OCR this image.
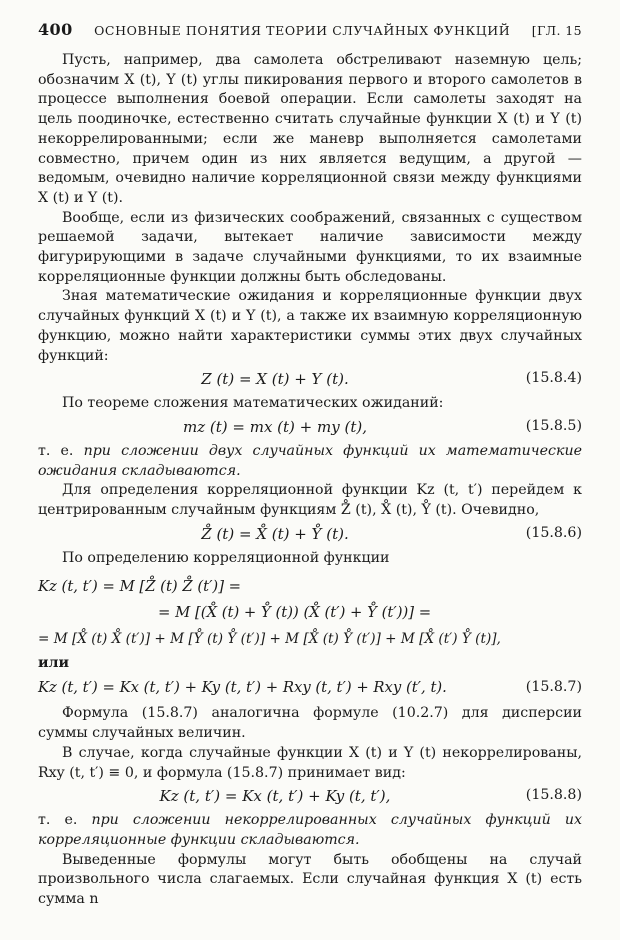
400 ОСНОВНЫЕ ПОНЯТИЯ ТЕОРИИ СЛУЧАЙНЫХ ФУНКЦИЙ [ГЛ. 15

Пусть, например, два самолета обстреливают наземную цель; обозначим X (t), Y (t) углы пикирования первого и второго самолетов в процессе выполнения боевой операции. Если самолеты заходят на цель поодиночке, естественно считать случайные функции X (t) и Y (t) некоррелированными; если же маневр выполняется самолетами совместно, причем один из них является ведущим, а другой — ведомым, очевидно наличие корреляционной связи между функциями X (t) и Y (t).

Вообще, если из физических соображений, связанных с существом решаемой задачи, вытекает наличие зависимости между фигурирующими в задаче случайными функциями, то их взаимные корреляционные функции должны быть обследованы.

Зная математические ожидания и корреляционные функции двух случайных функций X (t) и Y (t), а также их взаимную корреляционную функцию, можно найти характеристики суммы этих двух случайных функций:

Z (t) = X (t) + Y (t).	(15.8.4)

По теореме сложения математических ожиданий:

mz (t) = mx (t) + my (t),	(15.8.5)

т. е. при сложении двух случайных функций их математические ожидания складываются.

Для определения корреляционной функции Kz (t, t′) перейдем к центрированным случайным функциям Z̊ (t), X̊ (t), Y̊ (t). Очевидно,

Z̊ (t) = X̊ (t) + Y̊ (t).	(15.8.6)

По определению корреляционной функции

Kz (t, t′) = M [Z̊ (t) Z̊ (t′)] =
= M [(X̊ (t) + Y̊ (t)) (X̊ (t′) + Y̊ (t′))] =
= M [X̊ (t) X̊ (t′)] + M [Y̊ (t) Y̊ (t′)] + M [X̊ (t) Y̊ (t′)] + M [X̊ (t′) Y̊ (t)],
или
Kz (t, t′) = Kx (t, t′) + Ky (t, t′) + Rxy (t, t′) + Rxy (t′, t).	(15.8.7)

Формула (15.8.7) аналогична формуле (10.2.7) для дисперсии суммы случайных величин.

В случае, когда случайные функции X (t) и Y (t) некоррелированы, Rxy (t, t′) ≡ 0, и формула (15.8.7) принимает вид:

Kz (t, t′) = Kx (t, t′) + Ky (t, t′),	(15.8.8)

т. е. при сложении некоррелированных случайных функций их корреляционные функции складываются.

Выведенные формулы могут быть обобщены на случай произвольного числа слагаемых. Если случайная функция X (t) есть сумма n
